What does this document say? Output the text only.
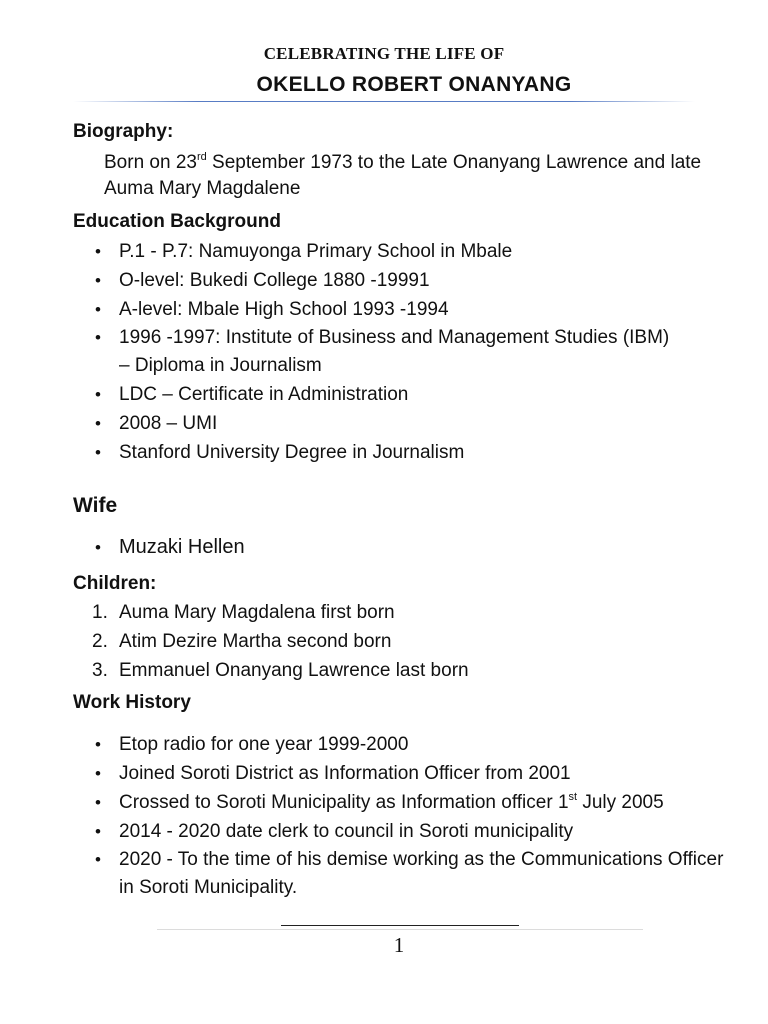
CELEBRATING THE LIFE OF
OKELLO ROBERT ONANYANG
Biography:
Born on 23rd September 1973 to the Late Onanyang Lawrence and late Auma Mary Magdalene
Education Background
• P.1 - P.7: Namuyonga Primary School in Mbale
• O-level: Bukedi College 1880 -19991
• A-level: Mbale High School 1993 -1994
• 1996 -1997: Institute of Business and Management Studies (IBM) – Diploma in Journalism
• LDC – Certificate in Administration
• 2008 – UMI
• Stanford University Degree in Journalism
Wife
• Muzaki Hellen
Children:
1. Auma Mary Magdalena first born
2. Atim Dezire Martha second born
3. Emmanuel Onanyang Lawrence last born
Work History
• Etop radio for one year 1999-2000
• Joined Soroti District as Information Officer from 2001
• Crossed to Soroti Municipality as Information officer 1st July 2005
• 2014 - 2020 date clerk to council in Soroti municipality
• 2020 - To the time of his demise working as the Communications Officer in Soroti Municipality.
1
